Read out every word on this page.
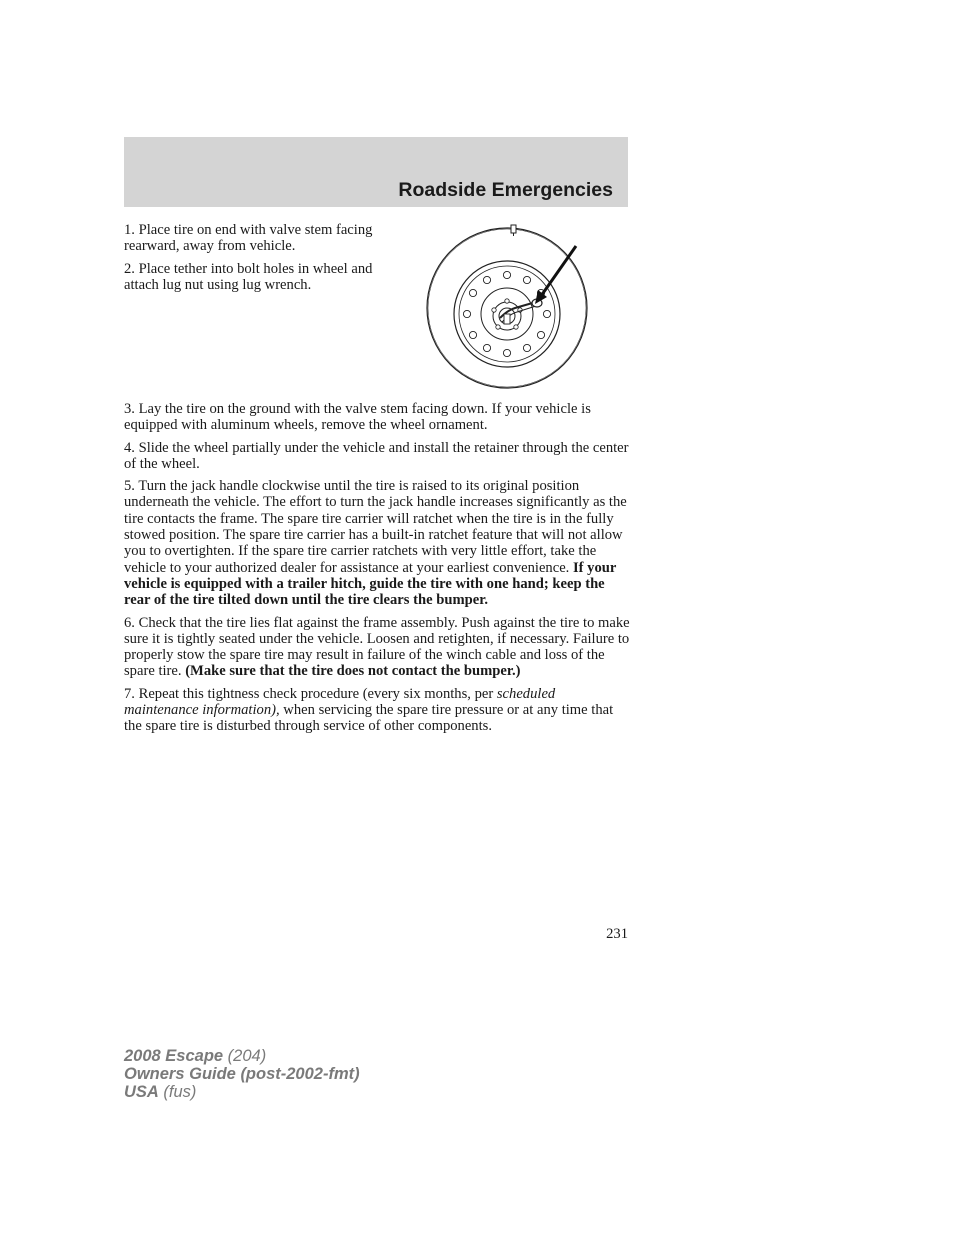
Roadside Emergencies

1. Place tire on end with valve stem facing rearward, away from vehicle.

2. Place tether into bolt holes in wheel and attach lug nut using lug wrench.

3. Lay the tire on the ground with the valve stem facing down. If your vehicle is equipped with aluminum wheels, remove the wheel ornament.

4. Slide the wheel partially under the vehicle and install the retainer through the center of the wheel.

5. Turn the jack handle clockwise until the tire is raised to its original position underneath the vehicle. The effort to turn the jack handle increases significantly as the tire contacts the frame. The spare tire carrier will ratchet when the tire is in the fully stowed position. The spare tire carrier has a built-in ratchet feature that will not allow you to overtighten. If the spare tire carrier ratchets with very little effort, take the vehicle to your authorized dealer for assistance at your earliest convenience. If your vehicle is equipped with a trailer hitch, guide the tire with one hand; keep the rear of the tire tilted down until the tire clears the bumper.

6. Check that the tire lies flat against the frame assembly. Push against the tire to make sure it is tightly seated under the vehicle. Loosen and retighten, if necessary. Failure to properly stow the spare tire may result in failure of the winch cable and loss of the spare tire. (Make sure that the tire does not contact the bumper.)

7. Repeat this tightness check procedure (every six months, per scheduled maintenance information), when servicing the spare tire pressure or at any time that the spare tire is disturbed through service of other components.

231
2008 Escape (204)
Owners Guide (post-2002-fmt)
USA (fus)
